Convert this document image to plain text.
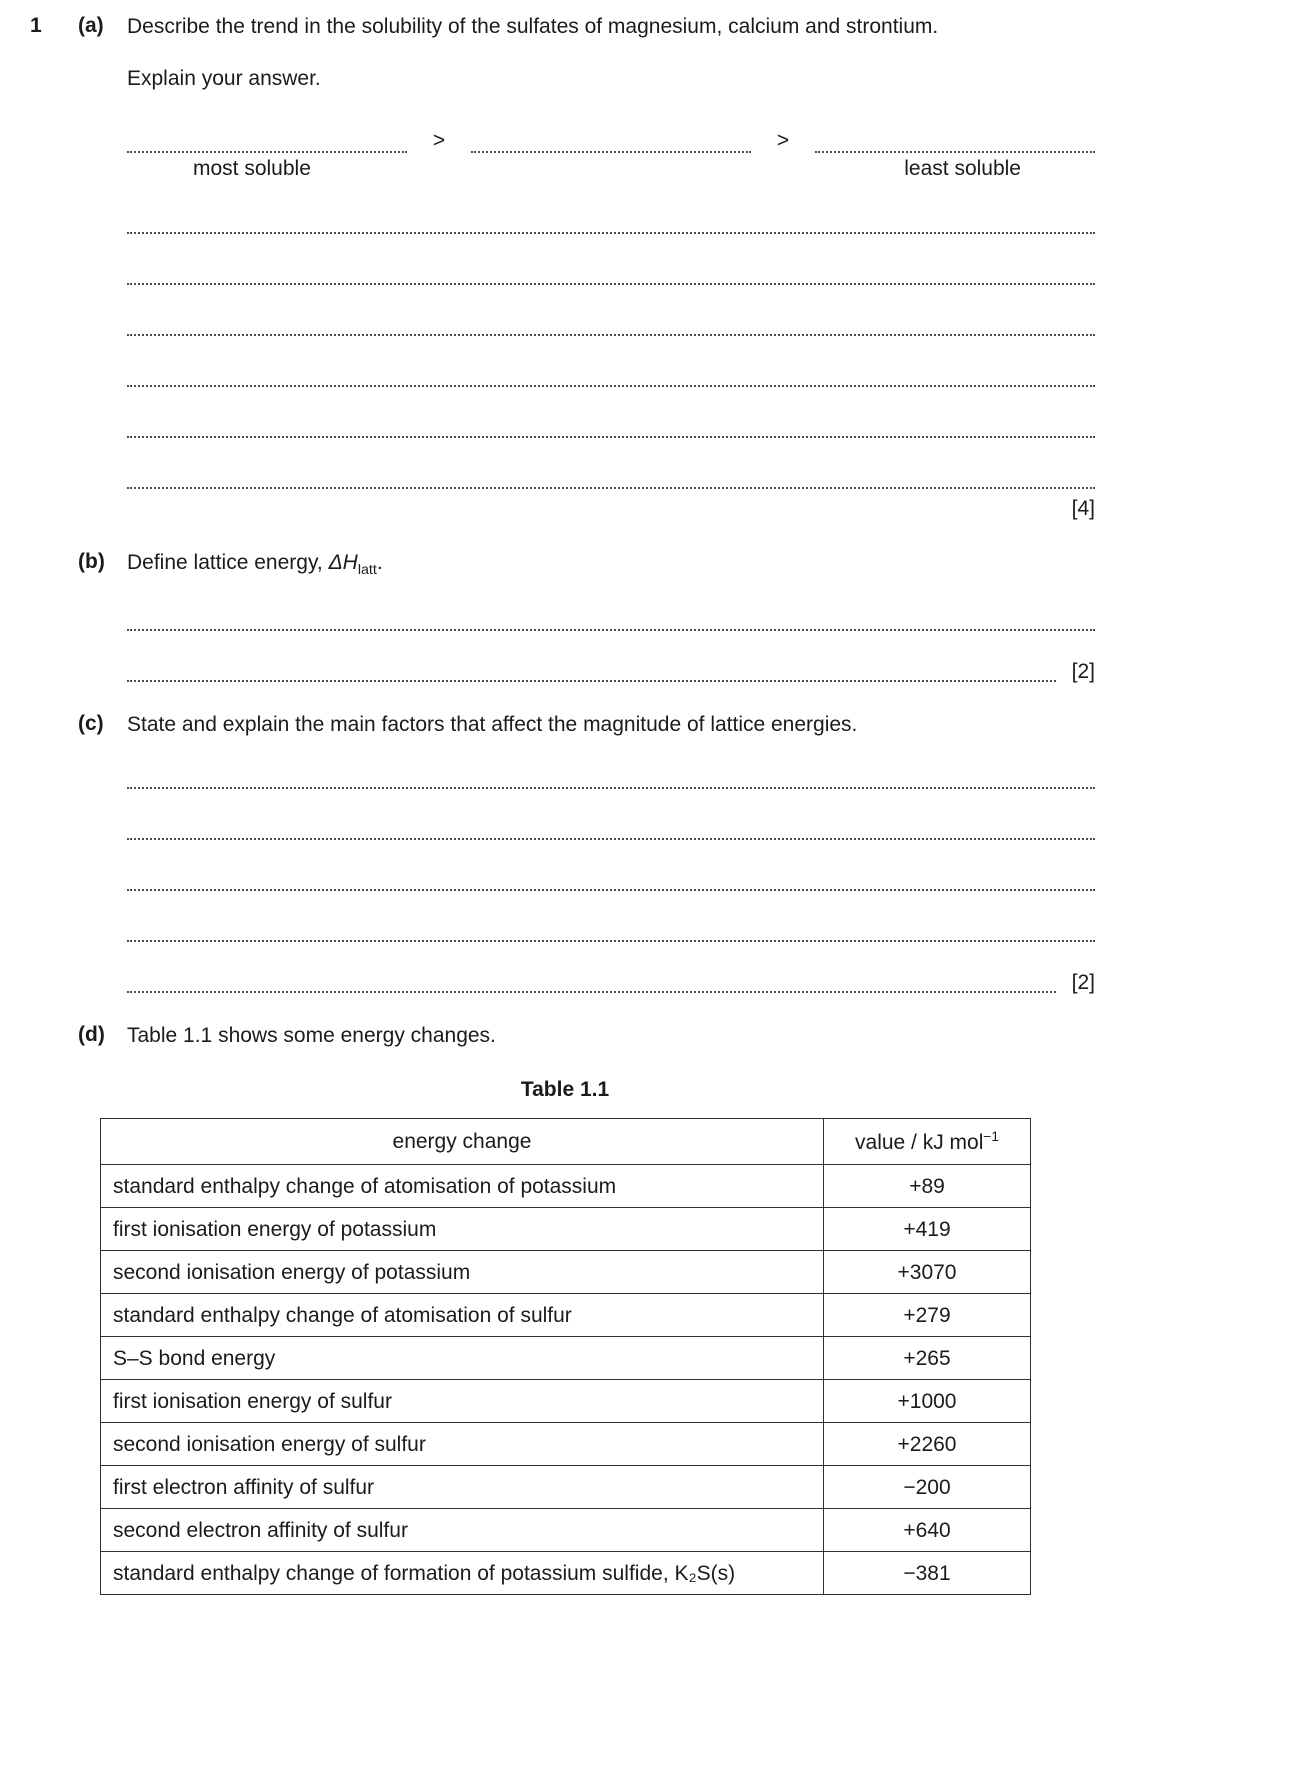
1	(a)	Describe the trend in the solubility of the sulfates of magnesium, calcium and strontium.

Explain your answer.

>	>
most soluble	least soluble
[4]
(b)	Define lattice energy, $\Delta H_{latt}$.

[2]
(c)	State and explain the main factors that affect the magnitude of lattice energies.

[2]
(d)	Table 1.1 shows some energy changes.

Table 1.1
energy change	value / kJ mol$^{-1}$
standard enthalpy change of atomisation of potassium	+89
first ionisation energy of potassium	+419
second ionisation energy of potassium	+3070
standard enthalpy change of atomisation of sulfur	+279
S–S bond energy	+265
first ionisation energy of sulfur	+1000
second ionisation energy of sulfur	+2260
first electron affinity of sulfur	−200
second electron affinity of sulfur	+640
standard enthalpy change of formation of potassium sulfide, K₂S(s)	−381
